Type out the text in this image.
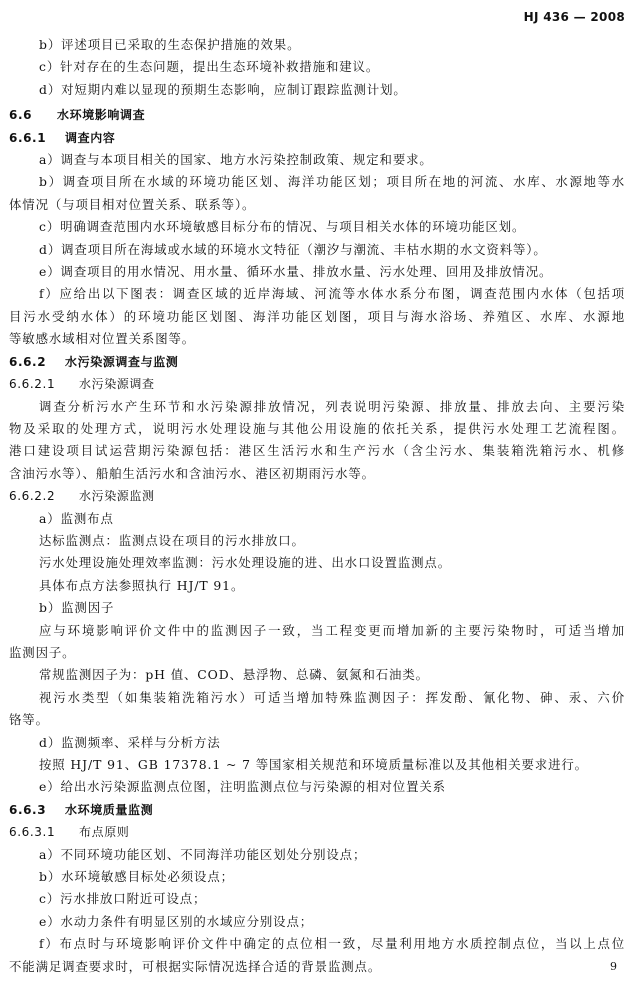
HJ 436 — 2008
b）评述项目已采取的生态保护措施的效果。
c）针对存在的生态问题，提出生态环境补救措施和建议。
d）对短期内难以显现的预期生态影响，应制订跟踪监测计划。
6.6 水环境影响调查
6.6.1 调查内容
a）调查与本项目相关的国家、地方水污染控制政策、规定和要求。
b）调查项目所在水域的环境功能区划、海洋功能区划；项目所在地的河流、水库、水源地等水
体情况（与项目相对位置关系、联系等）。
c）明确调查范围内水环境敏感目标分布的情况、与项目相关水体的环境功能区划。
d）调查项目所在海域或水域的环境水文特征（潮汐与潮流、丰枯水期的水文资料等）。
e）调查项目的用水情况、用水量、循环水量、排放水量、污水处理、回用及排放情况。
f）应给出以下图表：调查区域的近岸海域、河流等水体水系分布图，调查范围内水体（包括项
目污水受纳水体）的环境功能区划图、海洋功能区划图，项目与海水浴场、养殖区、水库、水源地
等敏感水域相对位置关系图等。
6.6.2 水污染源调查与监测
6.6.2.1 水污染源调查
调查分析污水产生环节和水污染源排放情况，列表说明污染源、排放量、排放去向、主要污染
物及采取的处理方式，说明污水处理设施与其他公用设施的依托关系，提供污水处理工艺流程图。
港口建设项目试运营期污染源包括：港区生活污水和生产污水（含尘污水、集装箱洗箱污水、机修
含油污水等）、船舶生活污水和含油污水、港区初期雨污水等。
6.6.2.2 水污染源监测
a）监测布点
达标监测点：监测点设在项目的污水排放口。
污水处理设施处理效率监测：污水处理设施的进、出水口设置监测点。
具体布点方法参照执行 HJ/T 91。
b）监测因子
应与环境影响评价文件中的监测因子一致，当工程变更而增加新的主要污染物时，可适当增加
监测因子。
常规监测因子为：pH 值、COD、悬浮物、总磷、氨氮和石油类。
视污水类型（如集装箱洗箱污水）可适当增加特殊监测因子：挥发酚、氰化物、砷、汞、六价
铬等。
d）监测频率、采样与分析方法
按照 HJ/T 91、GB 17378.1 ~ 7 等国家相关规范和环境质量标准以及其他相关要求进行。
e）给出水污染源监测点位图，注明监测点位与污染源的相对位置关系
6.6.3 水环境质量监测
6.6.3.1 布点原则
a）不同环境功能区划、不同海洋功能区划处分别设点；
b）水环境敏感目标处必须设点；
c）污水排放口附近可设点；
e）水动力条件有明显区别的水域应分别设点；
f）布点时与环境影响评价文件中确定的点位相一致，尽量利用地方水质控制点位，当以上点位
不能满足调查要求时，可根据实际情况选择合适的背景监测点。	9
